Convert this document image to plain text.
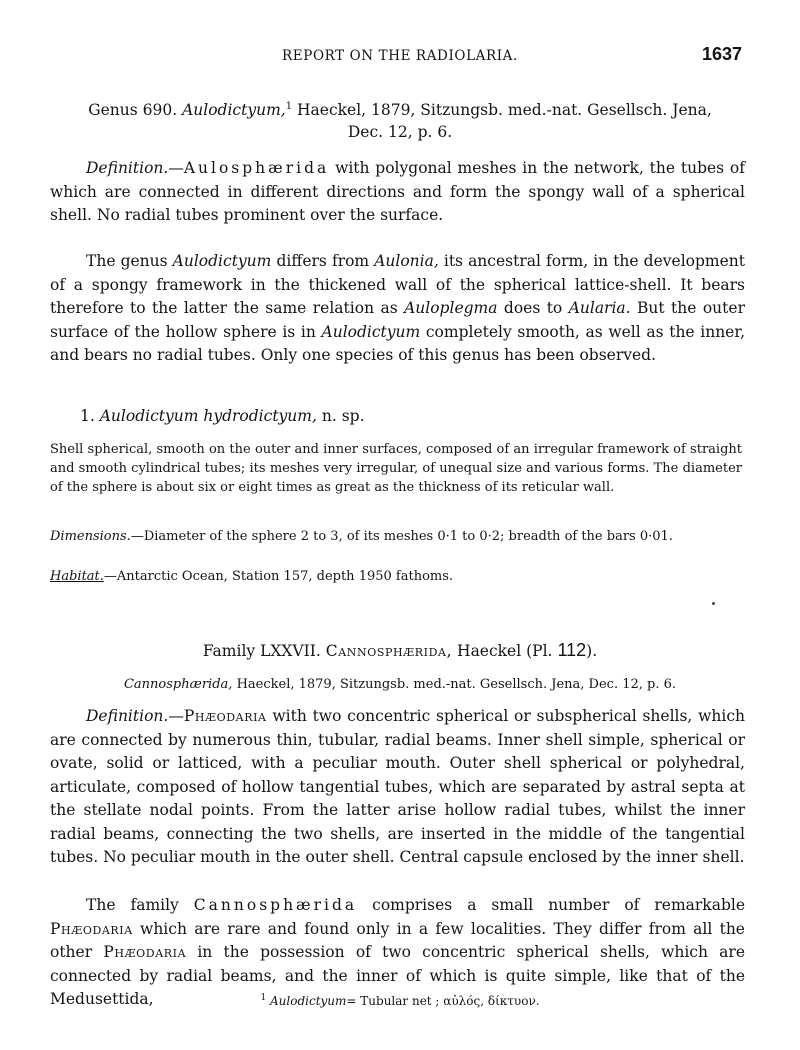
REPORT ON THE RADIOLARIA.	1637
Genus 690. Aulodictyum,$^1$ Haeckel, 1879, Sitzungsb. med.-nat. Gesellsch. Jena,
Dec. 12, p. 6.

Definition.—Aulosphærida with polygonal meshes in the network, the tubes of which are connected in different directions and form the spongy wall of a spherical shell. No radial tubes prominent over the surface.

The genus Aulodictyum differs from Aulonia, its ancestral form, in the development of a spongy framework in the thickened wall of the spherical lattice-shell. It bears therefore to the latter the same relation as Auloplegma does to Aularia. But the outer surface of the hollow sphere is in Aulodictyum completely smooth, as well as the inner, and bears no radial tubes. Only one species of this genus has been observed.

1. Aulodictyum hydrodictyum, n. sp.

Shell spherical, smooth on the outer and inner surfaces, composed of an irregular framework of straight and smooth cylindrical tubes; its meshes very irregular, of unequal size and various forms. The diameter of the sphere is about six or eight times as great as the thickness of its reticular wall.

Dimensions.—Diameter of the sphere 2 to 3, of its meshes 0·1 to 0·2; breadth of the bars 0·01.

Habitat.—Antarctic Ocean, Station 157, depth 1950 fathoms.

Family LXXVII. Cannosphærida, Haeckel (Pl. 112).
Cannosphærida, Haeckel, 1879, Sitzungsb. med.-nat. Gesellsch. Jena, Dec. 12, p. 6.

Definition.—Phæodaria with two concentric spherical or subspherical shells, which are connected by numerous thin, tubular, radial beams. Inner shell simple, spherical or ovate, solid or latticed, with a peculiar mouth. Outer shell spherical or polyhedral, articulate, composed of hollow tangential tubes, which are separated by astral septa at the stellate nodal points. From the latter arise hollow radial tubes, whilst the inner radial beams, connecting the two shells, are inserted in the middle of the tangential tubes. No peculiar mouth in the outer shell. Central capsule enclosed by the inner shell.

The family Cannosphærida comprises a small number of remarkable Phæodaria which are rare and found only in a few localities. They differ from all the other Phæodaria in the possession of two concentric spherical shells, which are connected by radial beams, and the inner of which is quite simple, like that of the Medusettida,	$^1$ Aulodictyum= Tubular net ; αὐλός, δίκτυον.
